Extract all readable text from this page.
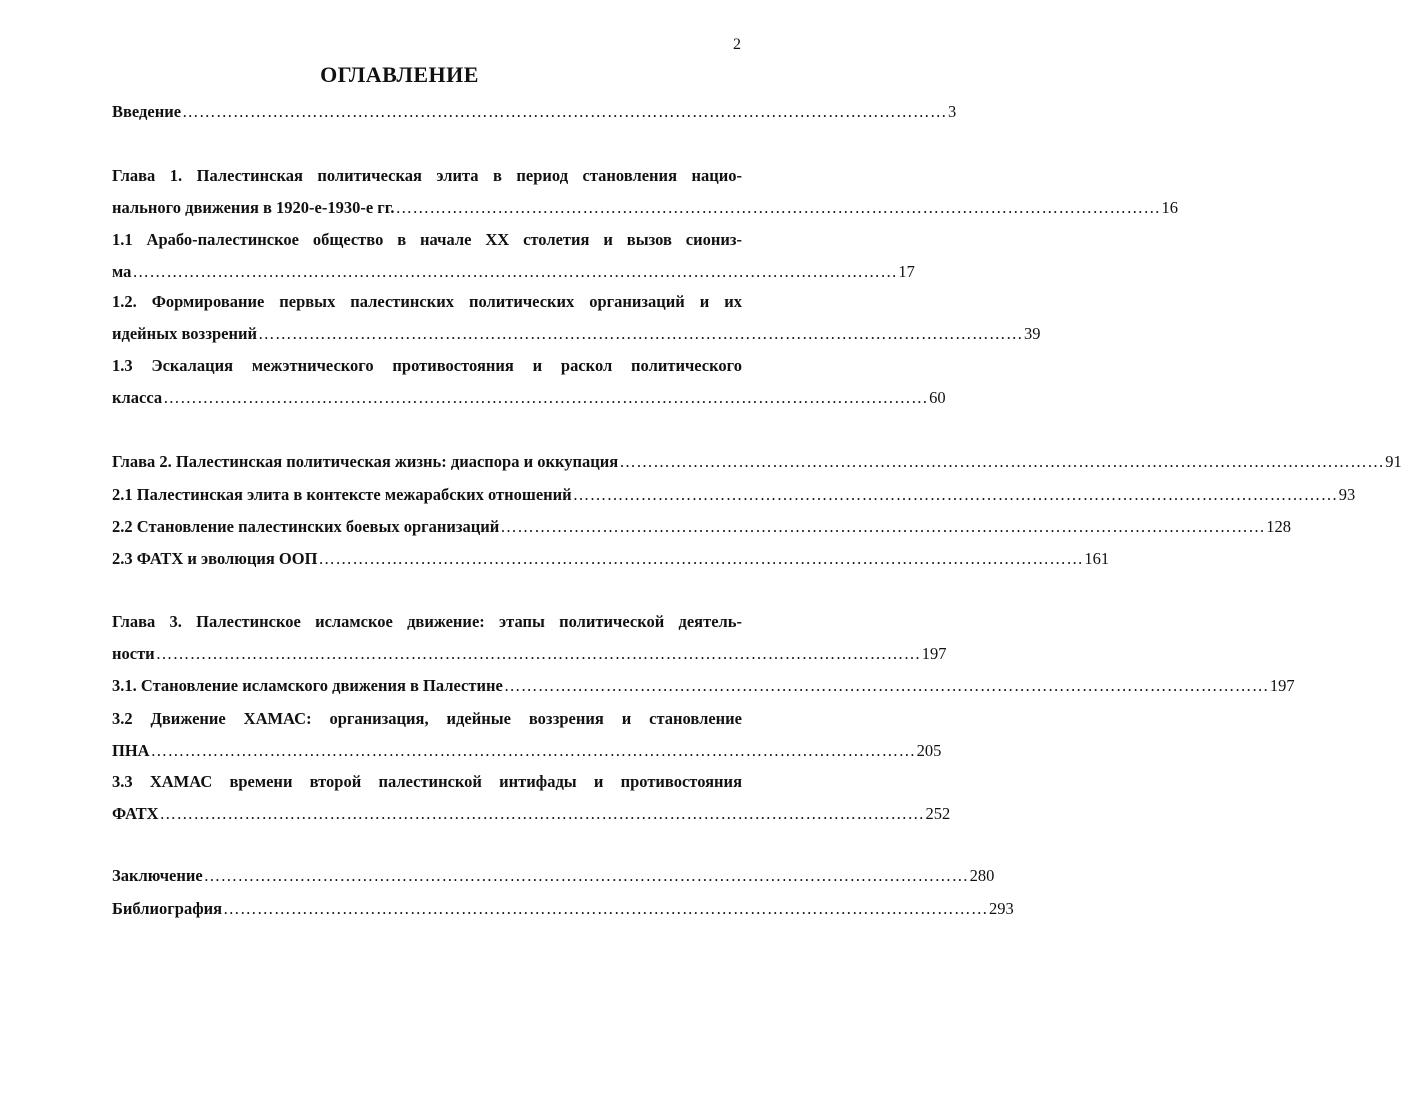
2
ОГЛАВЛЕНИЕ
Введение ……………………………………………………………………………………………………………………… 3
Глава 1. Палестинская политическая элита в период становления нацио-
нального движения в 1920-е-1930-е гг. ……………………………………………………………………………………………………………………… 16
1.1 Арабо-палестинское общество в начале XX столетия и вызов сиониз-
ма ……………………………………………………………………………………………………………………… 17
1.2. Формирование первых палестинских политических организаций и их
идейных воззрений ……………………………………………………………………………………………………………………… 39
1.3 Эскалация межэтнического противостояния и раскол политического
класса ……………………………………………………………………………………………………………………… 60
Глава 2. Палестинская политическая жизнь: диаспора и оккупация ……………………………………………………………………………………………………………………… 91
2.1 Палестинская элита в контексте межарабских отношений ……………………………………………………………………………………………………………………… 93
2.2 Становление палестинских боевых организаций ……………………………………………………………………………………………………………………… 128
2.3 ФАТХ и эволюция ООП ……………………………………………………………………………………………………………………… 161
Глава 3. Палестинское исламское движение: этапы политической деятель-
ности ……………………………………………………………………………………………………………………… 197
3.1. Становление исламского движения в Палестине ……………………………………………………………………………………………………………………… 197
3.2 Движение ХАМАС: организация, идейные воззрения и становление
ПНА ……………………………………………………………………………………………………………………… 205
3.3 ХАМАС времени второй палестинской интифады и противостояния
ФАТХ ……………………………………………………………………………………………………………………… 252
Заключение ……………………………………………………………………………………………………………………… 280
Библиография ……………………………………………………………………………………………………………………… 293
